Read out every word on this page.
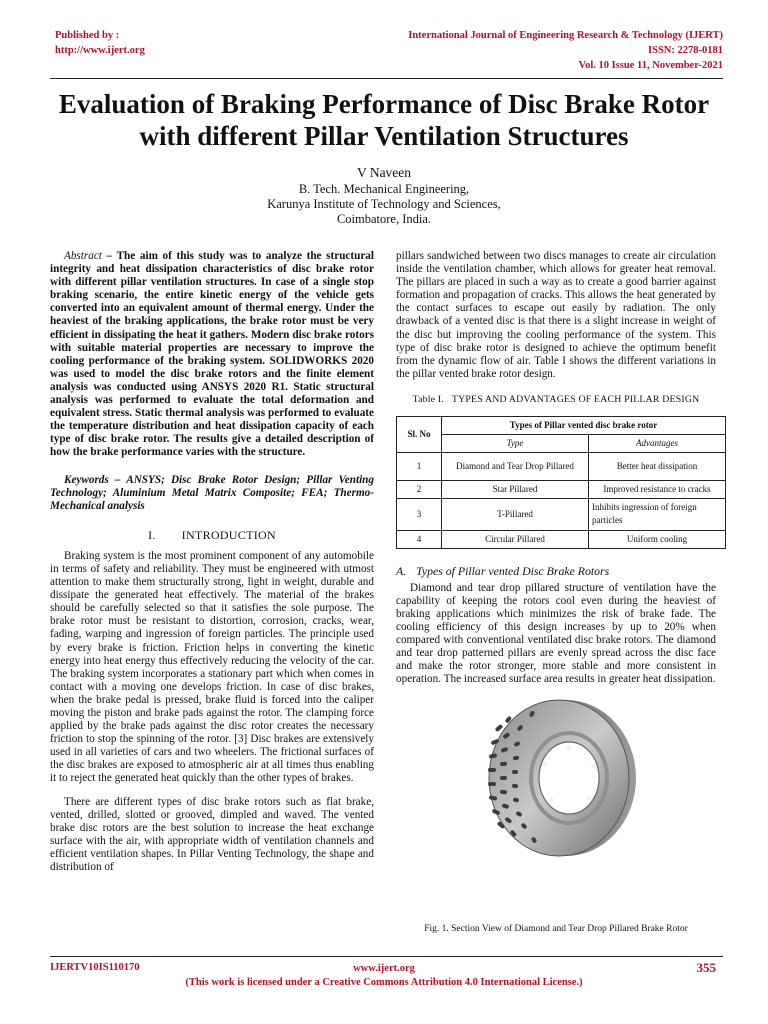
Published by :
http://www.ijert.org
International Journal of Engineering Research & Technology (IJERT)
ISSN: 2278-0181
Vol. 10 Issue 11, November-2021
Evaluation of Braking Performance of Disc Brake Rotor with different Pillar Ventilation Structures
V Naveen
B. Tech. Mechanical Engineering,
Karunya Institute of Technology and Sciences,
Coimbatore, India.

Abstract – The aim of this study was to analyze the structural integrity and heat dissipation characteristics of disc brake rotor with different pillar ventilation structures. In case of a single stop braking scenario, the entire kinetic energy of the vehicle gets converted into an equivalent amount of thermal energy. Under the heaviest of the braking applications, the brake rotor must be very efficient in dissipating the heat it gathers. Modern disc brake rotors with suitable material properties are necessary to improve the cooling performance of the braking system. SOLIDWORKS 2020 was used to model the disc brake rotors and the finite element analysis was conducted using ANSYS 2020 R1. Static structural analysis was performed to evaluate the total deformation and equivalent stress. Static thermal analysis was performed to evaluate the temperature distribution and heat dissipation capacity of each type of disc brake rotor. The results give a detailed description of how the brake performance varies with the structure.

Keywords – ANSYS; Disc Brake Rotor Design; Pillar Venting Technology; Aluminium Metal Matrix Composite; FEA; Thermo-Mechanical analysis

I. INTRODUCTION

Braking system is the most prominent component of any automobile in terms of safety and reliability. They must be engineered with utmost attention to make them structurally strong, light in weight, durable and dissipate the generated heat effectively. The material of the brakes should be carefully selected so that it satisfies the sole purpose. The brake rotor must be resistant to distortion, corrosion, cracks, wear, fading, warping and ingression of foreign particles. The principle used by every brake is friction. Friction helps in converting the kinetic energy into heat energy thus effectively reducing the velocity of the car. The braking system incorporates a stationary part which when comes in contact with a moving one develops friction. In case of disc brakes, when the brake pedal is pressed, brake fluid is forced into the caliper moving the piston and brake pads against the rotor. The clamping force applied by the brake pads against the disc rotor creates the necessary friction to stop the spinning of the rotor. [3] Disc brakes are extensively used in all varieties of cars and two wheelers. The frictional surfaces of the disc brakes are exposed to atmospheric air at all times thus enabling it to reject the generated heat quickly than the other types of brakes.

There are different types of disc brake rotors such as flat brake, vented, drilled, slotted or grooved, dimpled and waved. The vented brake disc rotors are the best solution to increase the heat exchange surface with the air, with appropriate width of ventilation channels and efficient ventilation shapes. In Pillar Venting Technology, the shape and distribution of

pillars sandwiched between two discs manages to create air circulation inside the ventilation chamber, which allows for greater heat removal. The pillars are placed in such a way as to create a good barrier against formation and propagation of cracks. This allows the heat generated by the contact surfaces to escape out easily by radiation. The only drawback of a vented disc is that there is a slight increase in weight of the disc but improving the cooling performance of the system. This type of disc brake rotor is designed to achieve the optimum benefit from the dynamic flow of air. Table I shows the different variations in the pillar vented brake rotor design.

Table I. TYPES AND ADVANTAGES OF EACH PILLAR DESIGN
Sl. No	Types of Pillar vented disc brake rotor	
	Type	Advantages
1	Diamond and Tear Drop Pillared	Better heat dissipation
2	Star Pillared	Improved resistance to cracks
3	T-Pillared	Inhibits ingression of foreign particles
4	Circular Pillared	Uniform cooling
A. Types of Pillar vented Disc Brake Rotors

Diamond and tear drop pillared structure of ventilation have the capability of keeping the rotors cool even during the heaviest of braking applications which minimizes the risk of brake fade. The cooling efficiency of this design increases by up to 20% when compared with conventional ventilated disc brake rotors. The diamond and tear drop patterned pillars are evenly spread across the disc face and make the rotor stronger, more stable and more consistent in operation. The increased surface area results in greater heat dissipation.

Fig. 1. Section View of Diamond and Tear Drop Pillared Brake Rotor
IJERTV10IS110170	www.ijert.org
(This work is licensed under a Creative Commons Attribution 4.0 International License.)
355
